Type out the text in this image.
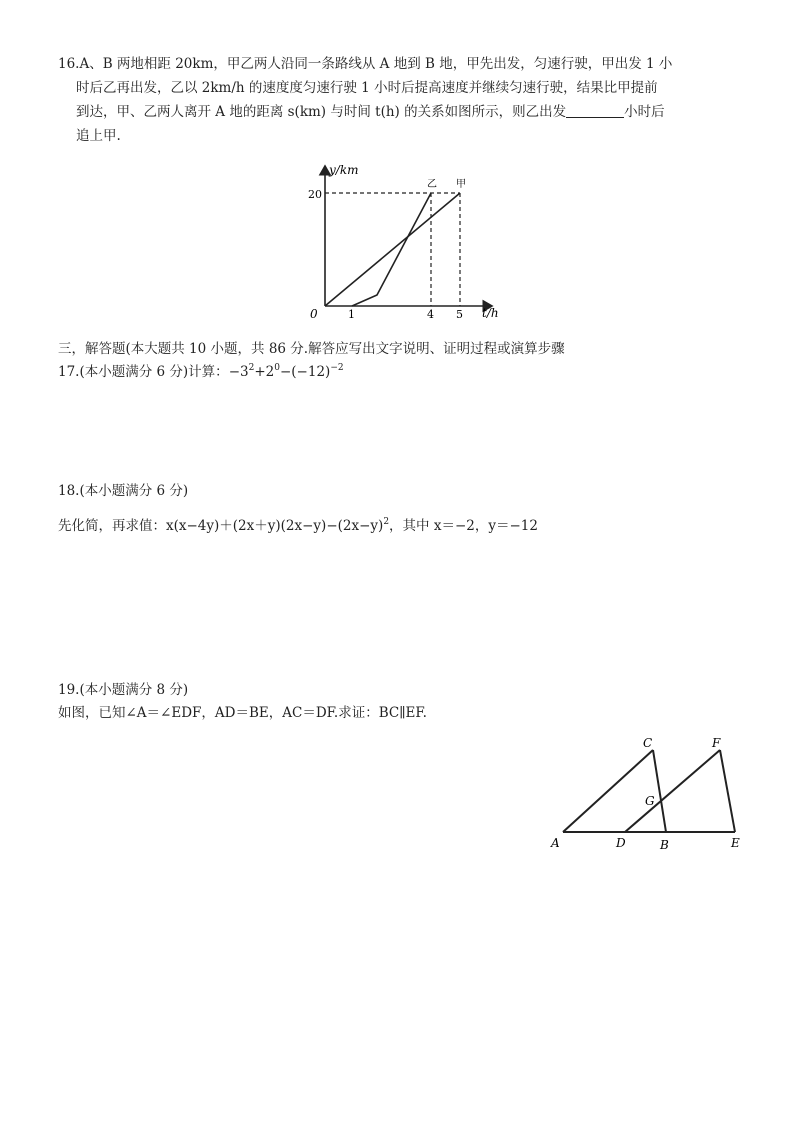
16.A、B 两地相距 20km，甲乙两人沿同一条路线从 A 地到 B 地，甲先出发，匀速行驶，甲出发 1 小
时后乙再出发，乙以 2km/h 的速度度匀速行驶 1 小时后提高速度并继续匀速行驶，结果比甲提前
到达，甲、乙两人离开 A 地的距离 s(km) 与时间 t(h) 的关系如图所示，则乙出发	小时后
追上甲.
y/km
20
0	1	4 5 t/h
乙 甲
三，解答题(本大题共 10 小题，共 86 分.解答应写出文字说明、证明过程或演算步骤
17.(本小题满分 6 分)计算：$-3^2+2^0-(-12)^{-2}$
18.(本小题满分 6 分)
先化简，再求值：$x(x-4y)+(2x+y)(2x-y)-(2x-y)^2$，其中 x＝−2，y＝−12
19.(本小题满分 8 分)
如图，已知∠A＝∠EDF，AD＝BE，AC＝DF.求证：BC∥EF.
C	F
G
A	D	B	E
